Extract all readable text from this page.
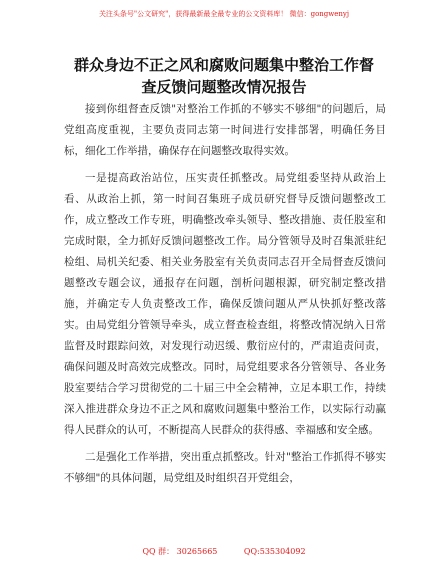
关注头条号"公文研究"，获得最新最全最专业的公文资料库！ 微信：gongwenyj
群众身边不正之风和腐败问题集中整治工作督
查反馈问题整改情况报告

接到你组督查反馈"对整治工作抓的不够实不够细"的问题后，局党组高度重视，主要负责同志第一时间进行安排部署，明确任务目标，细化工作举措，确保存在问题整改取得实效。

一是提高政治站位，压实责任抓整改。局党组委坚持从政治上看、从政治上抓，第一时间召集班子成员研究督导反馈问题整改工作，成立整改工作专班，明确整改牵头领导、整改措施、责任股室和完成时限，全力抓好反馈问题整改工作。局分管领导及时召集派驻纪检组、局机关纪委、相关业务股室有关负责同志召开全局督查反馈问题整改专题会议，通报存在问题，剖析问题根源，研究制定整改措施，并确定专人负责整改工作，确保反馈问题从严从快抓好整改落实。由局党组分管领导牵头，成立督查检查组，将整改情况纳入日常监督及时跟踪问效，对发现行动迟缓、敷衍应付的，严肃追责问责，确保问题及时高效完成整改。同时，局党组要求各分管领导、各业务股室要结合学习贯彻党的二十届三中全会精神，立足本职工作，持续深入推进群众身边不正之风和腐败问题集中整治工作，以实际行动赢得人民群众的认可，不断提高人民群众的获得感、幸福感和安全感。

二是强化工作举措，突出重点抓整改。针对"整治工作抓得不够实不够细"的具体问题，局党组及时组织召开党组会，

QQ 群： 30265665	QQ:535304092
